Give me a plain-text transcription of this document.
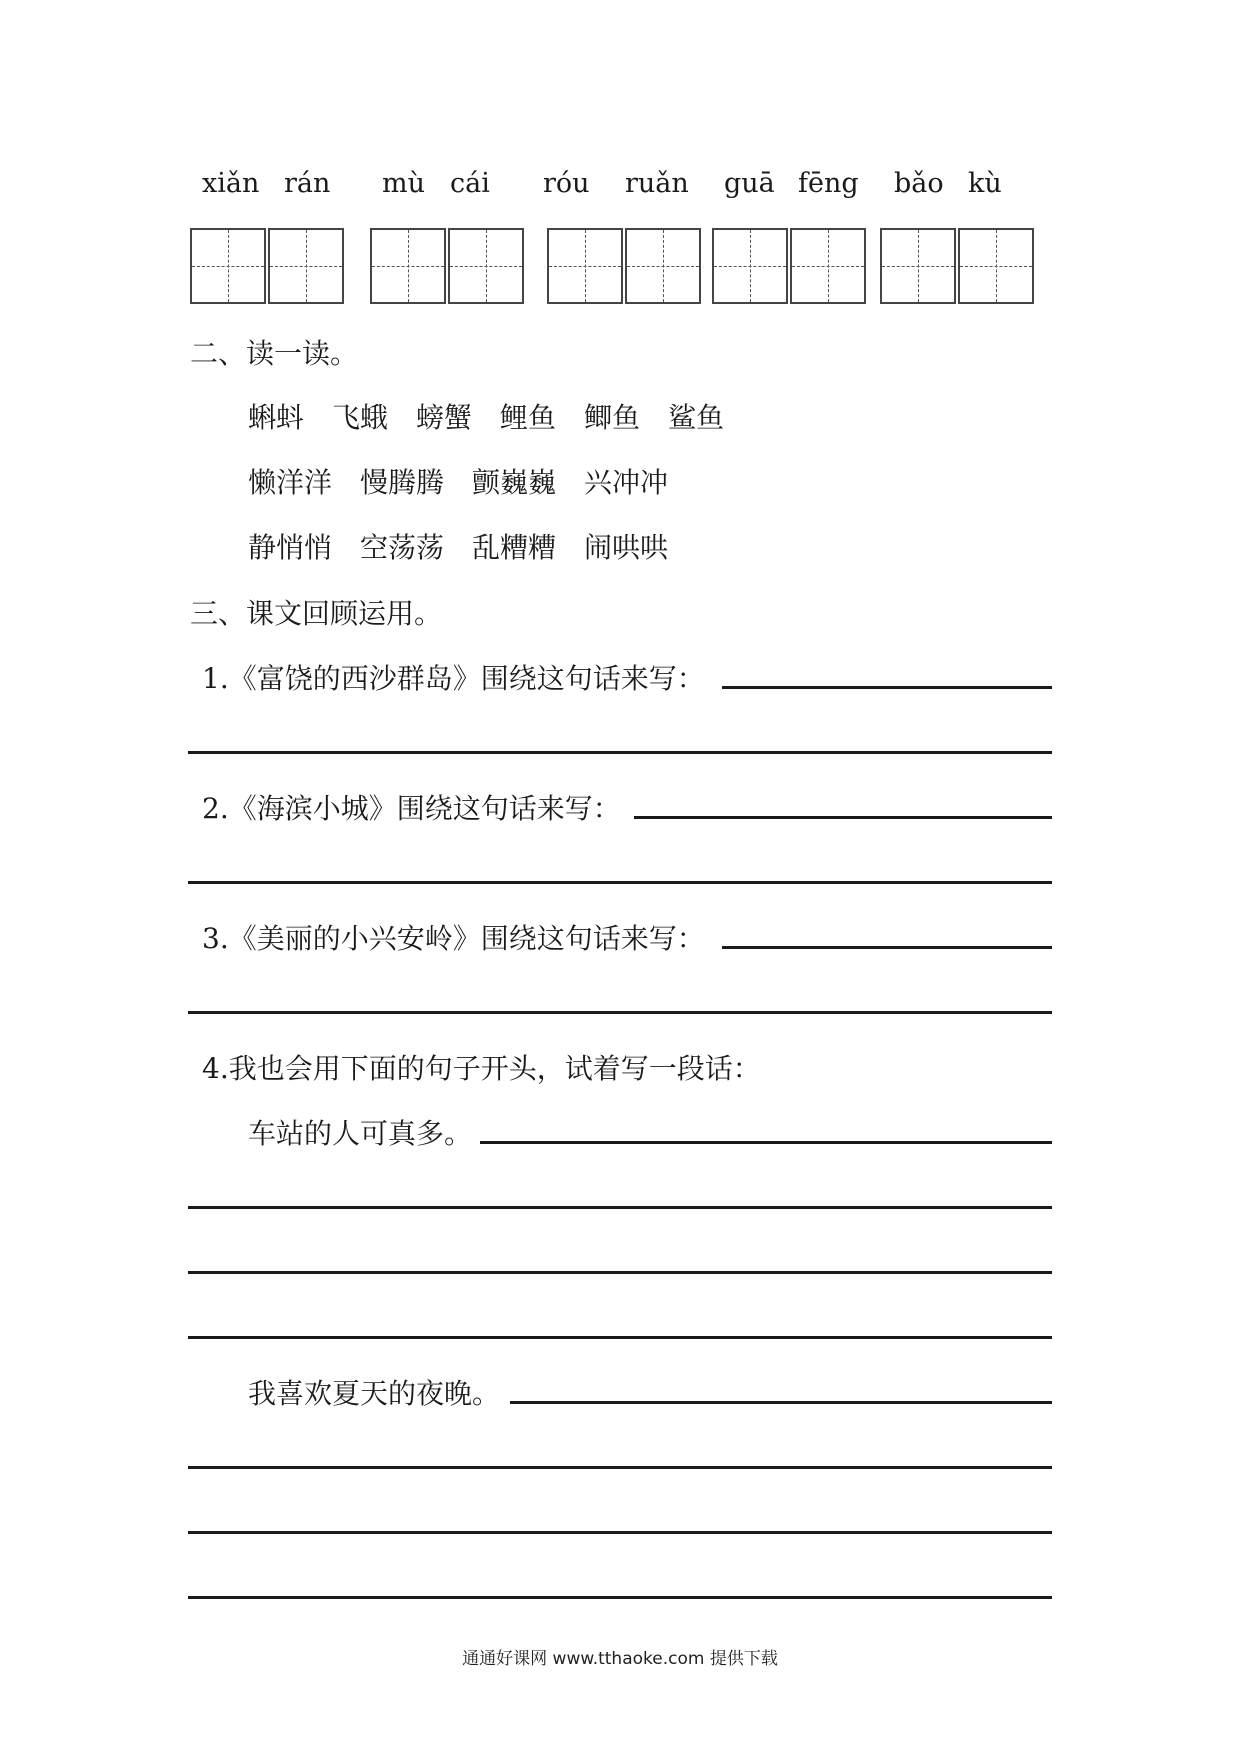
xiǎn rán mù cái róu ruǎn guā fēng bǎo kù
二、读一读。
蝌蚪 飞蛾 螃蟹 鲤鱼 鲫鱼 鲨鱼
懒洋洋 慢腾腾 颤巍巍 兴冲冲
静悄悄 空荡荡 乱糟糟 闹哄哄
三、课文回顾运用。
1.《富饶的西沙群岛》围绕这句话来写：
2.《海滨小城》围绕这句话来写：
3.《美丽的小兴安岭》围绕这句话来写：
4.我也会用下面的句子开头，试着写一段话：
车站的人可真多。
我喜欢夏天的夜晚。
通通好课网 www.tthaoke.com 提供下载
